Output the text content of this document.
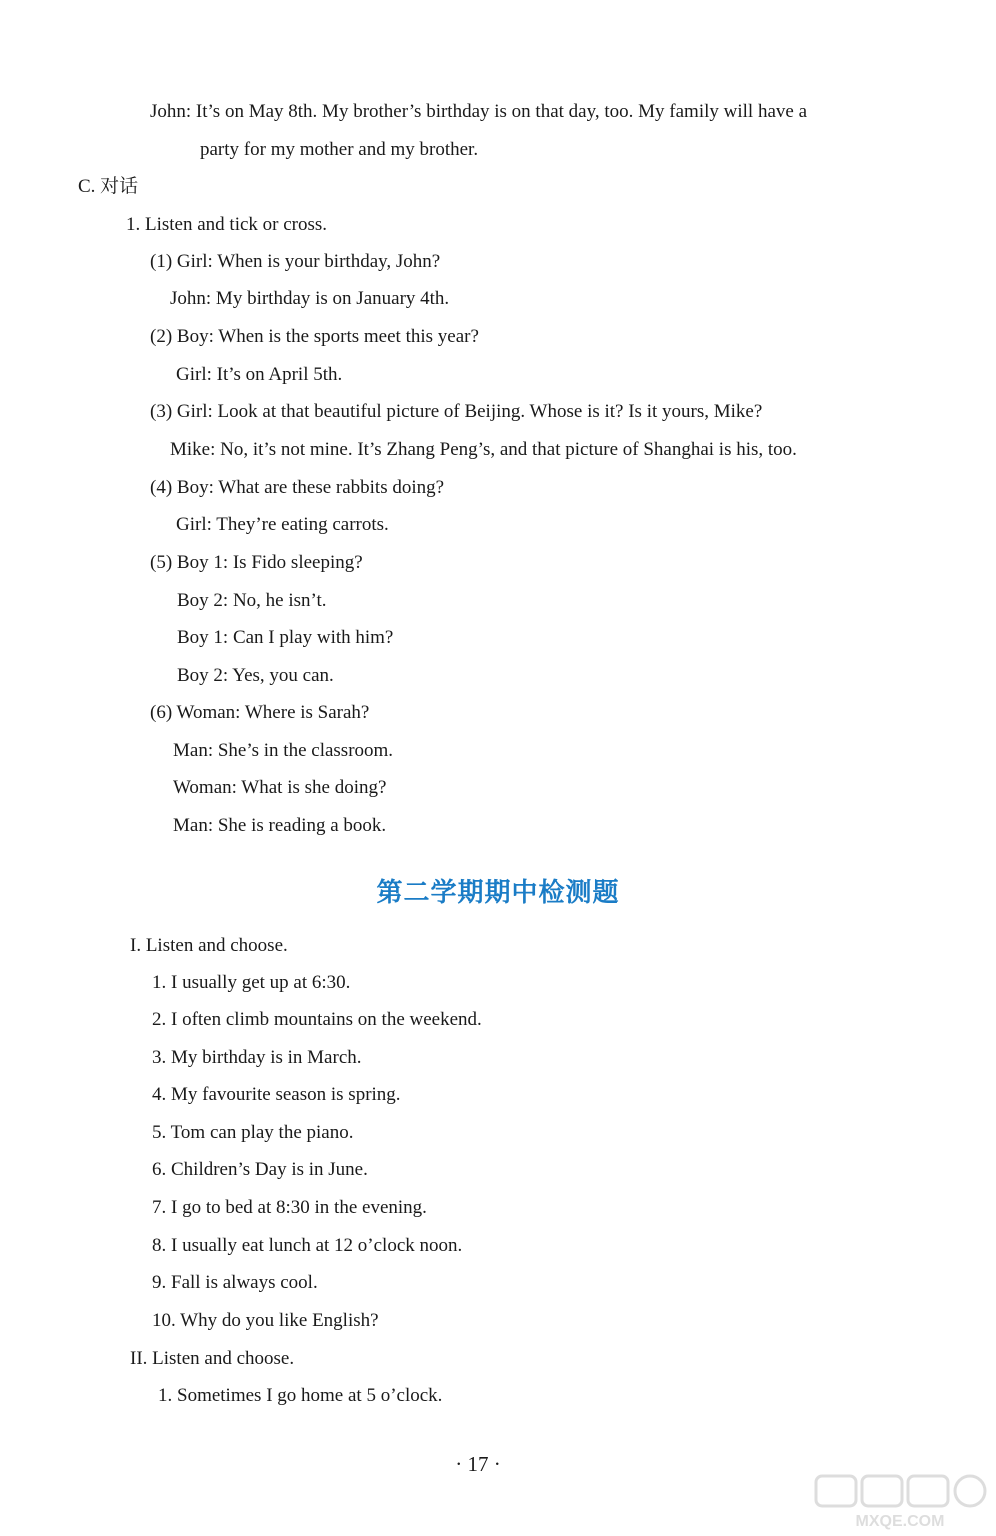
John: It’s on May 8th. My brother’s birthday is on that day, too. My family will have a
party for my mother and my brother.
C. 对话
1. Listen and tick or cross.
(1) Girl: When is your birthday, John?
John: My birthday is on January 4th.
(2) Boy: When is the sports meet this year?
Girl: It’s on April 5th.
(3) Girl: Look at that beautiful picture of Beijing. Whose is it? Is it yours, Mike?
Mike: No, it’s not mine. It’s Zhang Peng’s, and that picture of Shanghai is his, too.
(4) Boy: What are these rabbits doing?
Girl: They’re eating carrots.
(5) Boy 1: Is Fido sleeping?
Boy 2: No, he isn’t.
Boy 1: Can I play with him?
Boy 2: Yes, you can.
(6) Woman: Where is Sarah?
Man: She’s in the classroom.
Woman: What is she doing?
Man: She is reading a book.
第二学期期中检测题
I. Listen and choose.
1. I usually get up at 6:30.
2. I often climb mountains on the weekend.
3. My birthday is in March.
4. My favourite season is spring.
5. Tom can play the piano.
6. Children’s Day is in June.
7. I go to bed at 8:30 in the evening.
8. I usually eat lunch at 12 o’clock noon.
9. Fall is always cool.
10. Why do you like English?
II. Listen and choose.
1. Sometimes I go home at 5 o’clock.
· 17 ·
MXQE.COM
